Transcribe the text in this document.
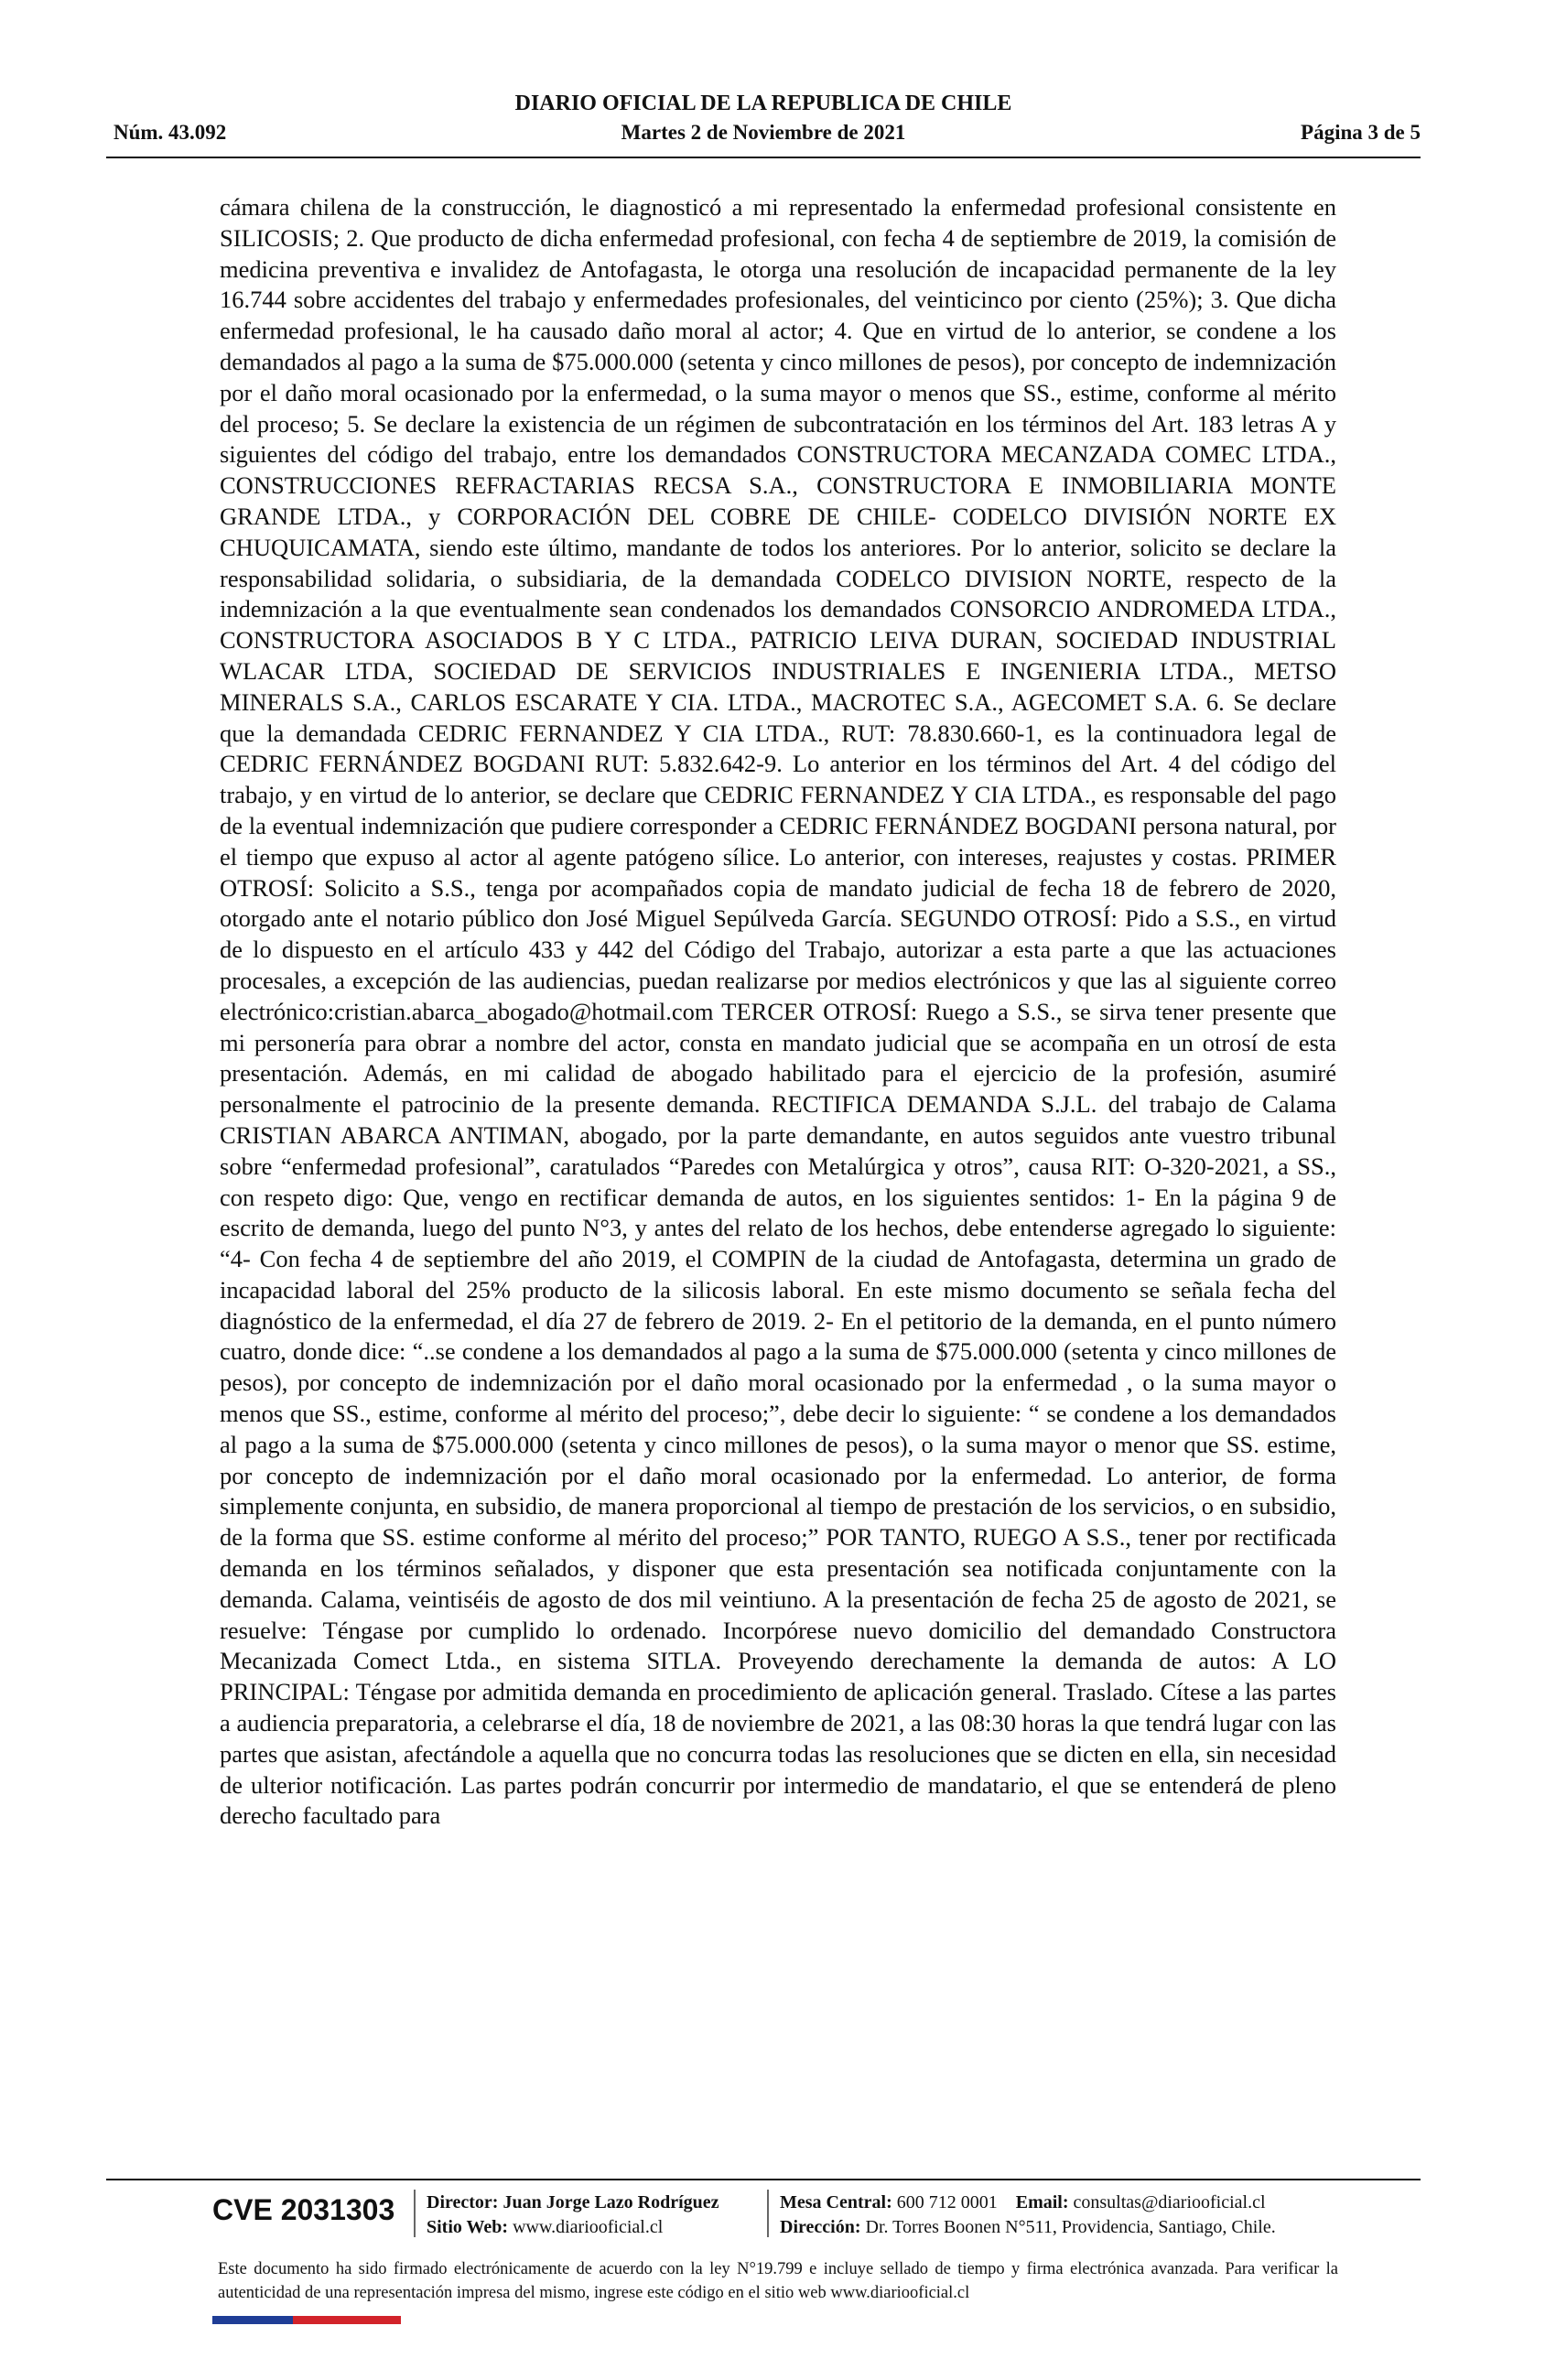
DIARIO OFICIAL DE LA REPUBLICA DE CHILE
Núm. 43.092	Martes 2 de Noviembre de 2021	Página 3 de 5
cámara chilena de la construcción, le diagnosticó a mi representado la enfermedad profesional consistente en SILICOSIS; 2. Que producto de dicha enfermedad profesional, con fecha 4 de septiembre de 2019, la comisión de medicina preventiva e invalidez de Antofagasta, le otorga una resolución de incapacidad permanente de la ley 16.744 sobre accidentes del trabajo y enfermedades profesionales, del veinticinco por ciento (25%); 3. Que dicha enfermedad profesional, le ha causado daño moral al actor; 4. Que en virtud de lo anterior, se condene a los demandados al pago a la suma de $75.000.000 (setenta y cinco millones de pesos), por concepto de indemnización por el daño moral ocasionado por la enfermedad, o la suma mayor o menos que SS., estime, conforme al mérito del proceso; 5. Se declare la existencia de un régimen de subcontratación en los términos del Art. 183 letras A y siguientes del código del trabajo, entre los demandados CONSTRUCTORA MECANZADA COMEC LTDA., CONSTRUCCIONES REFRACTARIAS RECSA S.A., CONSTRUCTORA E INMOBILIARIA MONTE GRANDE LTDA., y CORPORACIÓN DEL COBRE DE CHILE- CODELCO DIVISIÓN NORTE EX CHUQUICAMATA, siendo este último, mandante de todos los anteriores. Por lo anterior, solicito se declare la responsabilidad solidaria, o subsidiaria, de la demandada CODELCO DIVISION NORTE, respecto de la indemnización a la que eventualmente sean condenados los demandados CONSORCIO ANDROMEDA LTDA., CONSTRUCTORA ASOCIADOS B Y C LTDA., PATRICIO LEIVA DURAN, SOCIEDAD INDUSTRIAL WLACAR LTDA, SOCIEDAD DE SERVICIOS INDUSTRIALES E INGENIERIA LTDA., METSO MINERALS S.A., CARLOS ESCARATE Y CIA. LTDA., MACROTEC S.A., AGECOMET S.A. 6. Se declare que la demandada CEDRIC FERNANDEZ Y CIA LTDA., RUT: 78.830.660-1, es la continuadora legal de CEDRIC FERNÁNDEZ BOGDANI RUT: 5.832.642-9. Lo anterior en los términos del Art. 4 del código del trabajo, y en virtud de lo anterior, se declare que CEDRIC FERNANDEZ Y CIA LTDA., es responsable del pago de la eventual indemnización que pudiere corresponder a CEDRIC FERNÁNDEZ BOGDANI persona natural, por el tiempo que expuso al actor al agente patógeno sílice. Lo anterior, con intereses, reajustes y costas. PRIMER OTROSÍ: Solicito a S.S., tenga por acompañados copia de mandato judicial de fecha 18 de febrero de 2020, otorgado ante el notario público don José Miguel Sepúlveda García. SEGUNDO OTROSÍ: Pido a S.S., en virtud de lo dispuesto en el artículo 433 y 442 del Código del Trabajo, autorizar a esta parte a que las actuaciones procesales, a excepción de las audiencias, puedan realizarse por medios electrónicos y que las al siguiente correo electrónico:cristian.abarca_abogado@hotmail.com TERCER OTROSÍ: Ruego a S.S., se sirva tener presente que mi personería para obrar a nombre del actor, consta en mandato judicial que se acompaña en un otrosí de esta presentación. Además, en mi calidad de abogado habilitado para el ejercicio de la profesión, asumiré personalmente el patrocinio de la presente demanda. RECTIFICA DEMANDA S.J.L. del trabajo de Calama CRISTIAN ABARCA ANTIMAN, abogado, por la parte demandante, en autos seguidos ante vuestro tribunal sobre “enfermedad profesional”, caratulados “Paredes con Metalúrgica y otros”, causa RIT: O-320-2021, a SS., con respeto digo: Que, vengo en rectificar demanda de autos, en los siguientes sentidos: 1- En la página 9 de escrito de demanda, luego del punto N°3, y antes del relato de los hechos, debe entenderse agregado lo siguiente: “4- Con fecha 4 de septiembre del año 2019, el COMPIN de la ciudad de Antofagasta, determina un grado de incapacidad laboral del 25% producto de la silicosis laboral. En este mismo documento se señala fecha del diagnóstico de la enfermedad, el día 27 de febrero de 2019. 2- En el petitorio de la demanda, en el punto número cuatro, donde dice: “..se condene a los demandados al pago a la suma de $75.000.000 (setenta y cinco millones de pesos), por concepto de indemnización por el daño moral ocasionado por la enfermedad , o la suma mayor o menos que SS., estime, conforme al mérito del proceso;”, debe decir lo siguiente: “ se condene a los demandados al pago a la suma de $75.000.000 (setenta y cinco millones de pesos), o la suma mayor o menor que SS. estime, por concepto de indemnización por el daño moral ocasionado por la enfermedad. Lo anterior, de forma simplemente conjunta, en subsidio, de manera proporcional al tiempo de prestación de los servicios, o en subsidio, de la forma que SS. estime conforme al mérito del proceso;” POR TANTO, RUEGO A S.S., tener por rectificada demanda en los términos señalados, y disponer que esta presentación sea notificada conjuntamente con la demanda. Calama, veintiséis de agosto de dos mil veintiuno. A la presentación de fecha 25 de agosto de 2021, se resuelve: Téngase por cumplido lo ordenado. Incorpórese nuevo domicilio del demandado Constructora Mecanizada Comect Ltda., en sistema SITLA. Proveyendo derechamente la demanda de autos: A LO PRINCIPAL: Téngase por admitida demanda en procedimiento de aplicación general. Traslado. Cítese a las partes a audiencia preparatoria, a celebrarse el día, 18 de noviembre de 2021, a las 08:30 horas la que tendrá lugar con las partes que asistan, afectándole a aquella que no concurra todas las resoluciones que se dicten en ella, sin necesidad de ulterior notificación. Las partes podrán concurrir por intermedio de mandatario, el que se entenderá de pleno derecho facultado para
CVE 2031303 Director: Juan Jorge Lazo Rodríguez
Sitio Web: www.diariooficial.cl
Mesa Central: 600 712 0001 Email: consultas@diariooficial.cl
Dirección: Dr. Torres Boonen N°511, Providencia, Santiago, Chile.
Este documento ha sido firmado electrónicamente de acuerdo con la ley N°19.799 e incluye sellado de tiempo y firma electrónica avanzada. Para verificar la autenticidad de una representación impresa del mismo, ingrese este código en el sitio web www.diariooficial.cl
